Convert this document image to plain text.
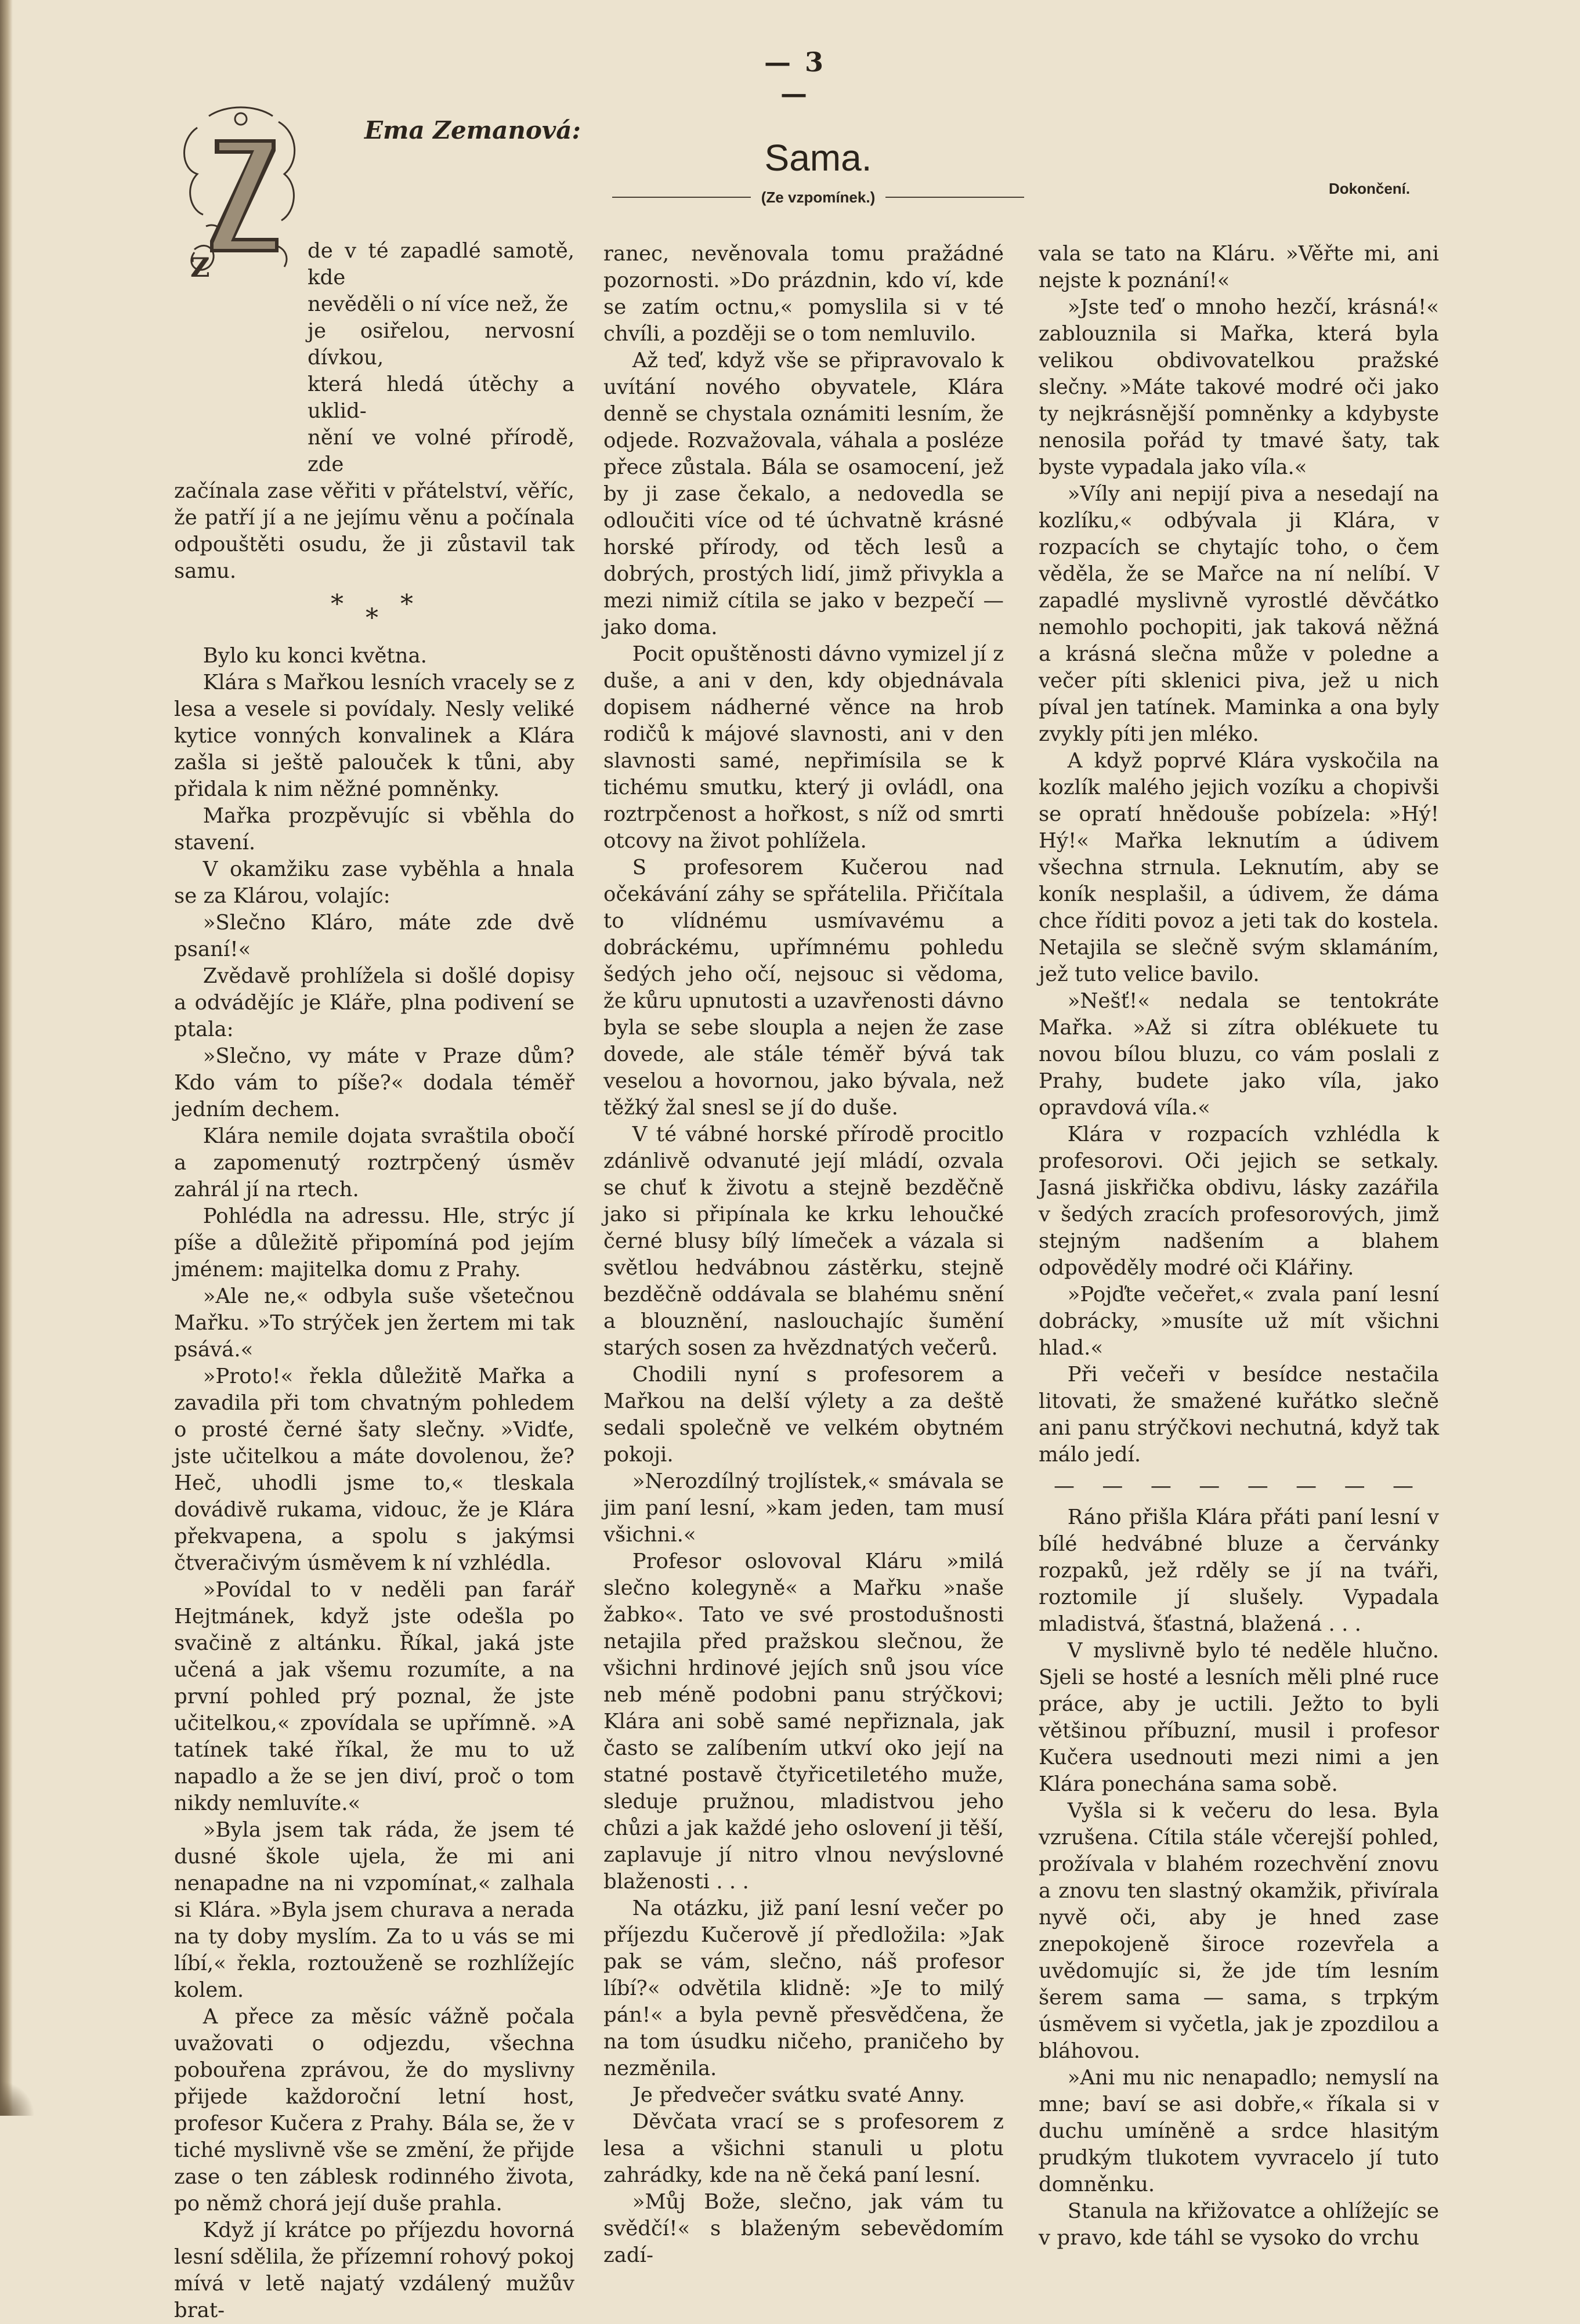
— 3 —
Ema Zemanová:
Sama.
(Ze vzpomínek.)	Dokončení.
Z

de v té zapadlé samotě, kde
nevěděli o ní více než, že
je osiřelou, nervosní dívkou,
která hledá útěchy a uklid-
nění ve volné přírodě, zde
začínala zase věřiti v přátelství, věříc, že patří jí a ne jejímu věnu a počínala odpouštěti osudu, že ji zůstavil tak samu.

* * *

Bylo ku konci května.

Klára s Mařkou lesních vracely se z lesa a vesele si povídaly. Nesly veliké kytice vonných konvalinek a Klára zašla si ještě palouček k tůni, aby přidala k nim něžné pomněnky.

Mařka prozpěvujíc si vběhla do stavení.

V okamžiku zase vyběhla a hnala se za Klárou, volajíc:

»Slečno Kláro, máte zde dvě psaní!«

Zvědavě prohlížela si došlé dopisy a odvádějíc je Kláře, plna podivení se ptala:

»Slečno, vy máte v Praze dům? Kdo vám to píše?« dodala téměř jedním dechem.

Klára nemile dojata svraštila obočí a zapomenutý roztrpčený úsměv zahrál jí na rtech.

Pohlédla na adressu. Hle, strýc jí píše a důležitě připomíná pod jejím jménem: majitelka domu z Prahy.

»Ale ne,« odbyla suše všetečnou Mařku. »To strýček jen žertem mi tak psává.«

»Proto!« řekla důležitě Mařka a zavadila při tom chvatným pohledem o prosté černé šaty slečny. »Vidťe, jste učitelkou a máte dovolenou, že? Heč, uhodli jsme to,« tleskala dovádivě rukama, vidouc, že je Klára překvapena, a spolu s jakýmsi čtveračivým úsměvem k ní vzhlédla.

»Povídal to v neděli pan farář Hejtmánek, když jste odešla po svačině z altánku. Říkal, jaká jste učená a jak všemu rozumíte, a na první pohled prý poznal, že jste učitelkou,« zpovídala se upřímně. »A tatínek také říkal, že mu to už napadlo a že se jen diví, proč o tom nikdy nemluvíte.«

»Byla jsem tak ráda, že jsem té dusné škole ujela, že mi ani nenapadne na ni vzpomínat,« zalhala si Klára. »Byla jsem churava a nerada na ty doby myslím. Za to u vás se mi líbí,« řekla, roztouženě se rozhlížejíc kolem.

A přece za měsíc vážně počala uvažovati o odjezdu, všechna pobouřena zprávou, že do myslivny přijede každoroční letní host, profesor Kučera z Prahy. Bála se, že v tiché myslivně vše se změní, že přijde zase o ten záblesk rodinného života, po němž chorá její duše prahla.

Když jí krátce po příjezdu hovorná lesní sdělila, že přízemní rohový pokoj mívá v letě najatý vzdálený mužův brat-

ranec, nevěnovala tomu pražádné pozornosti. »Do prázdnin, kdo ví, kde se zatím octnu,« pomyslila si v té chvíli, a později se o tom nemluvilo.

Až teď, když vše se připravovalo k uvítání nového obyvatele, Klára denně se chystala oznámiti lesním, že odjede. Rozvažovala, váhala a posléze přece zůstala. Bála se osamocení, jež by ji zase čekalo, a nedovedla se odloučiti více od té úchvatně krásné horské přírody, od těch lesů a dobrých, prostých lidí, jimž přivykla a mezi nimiž cítila se jako v bezpečí — jako doma.

Pocit opuštěnosti dávno vymizel jí z duše, a ani v den, kdy objednávala dopisem nádherné věnce na hrob rodičů k májové slavnosti, ani v den slavnosti samé, nepřimísila se k tichému smutku, který ji ovládl, ona roztrpčenost a hořkost, s níž od smrti otcovy na život pohlížela.

S profesorem Kučerou nad očekávání záhy se spřátelila. Přičítala to vlídnému usmívavému a dobráckému, upřímnému pohledu šedých jeho očí, nejsouc si vědoma, že kůru upnutosti a uzavřenosti dávno byla se sebe sloupla a nejen že zase dovede, ale stále téměř bývá tak veselou a hovornou, jako bývala, než těžký žal snesl se jí do duše.

V té vábné horské přírodě procitlo zdánlivě odvanuté její mládí, ozvala se chuť k životu a stejně bezděčně jako si připínala ke krku lehoučké černé blusy bílý límeček a vázala si světlou hedvábnou zástěrku, stejně bezděčně oddávala se blahému snění a blouznění, naslouchajíc šumění starých sosen za hvězdnatých večerů.

Chodili nyní s profesorem a Mařkou na delší výlety a za deště sedali společně ve velkém obytném pokoji.

»Nerozdílný trojlístek,« smávala se jim paní lesní, »kam jeden, tam musí všichni.«

Profesor oslovoval Kláru »milá slečno kolegyně« a Mařku »naše žabko«. Tato ve své prostodušnosti netajila před pražskou slečnou, že všichni hrdinové jejích snů jsou více neb méně podobni panu strýčkovi; Klára ani sobě samé nepřiznala, jak často se zalíbením utkví oko její na statné postavě čtyřicetiletého muže, sleduje pružnou, mladistvou jeho chůzi a jak každé jeho oslovení ji těší, zaplavuje jí nitro vlnou nevýslovné blaženosti . . .

Na otázku, již paní lesní večer po příjezdu Kučerově jí předložila: »Jak pak se vám, slečno, náš profesor líbí?« odvětila klidně: »Je to milý pán!« a byla pevně přesvědčena, že na tom úsudku ničeho, praničeho by nezměnila.

Je předvečer svátku svaté Anny.

Děvčata vrací se s profesorem z lesa a všichni stanuli u plotu zahrádky, kde na ně čeká paní lesní.

»Můj Bože, slečno, jak vám tu svědčí!« s blaženým sebevědomím zadí-

vala se tato na Kláru. »Věřte mi, ani nejste k poznání!«

»Jste teď o mnoho hezčí, krásná!« zablouznila si Mařka, která byla velikou obdivovatelkou pražské slečny. »Máte takové modré oči jako ty nejkrásnější pomněnky a kdybyste nenosila pořád ty tmavé šaty, tak byste vypadala jako víla.«

»Víly ani nepijí piva a nesedají na kozlíku,« odbývala ji Klára, v rozpacích se chytajíc toho, o čem věděla, že se Mařce na ní nelíbí. V zapadlé myslivně vyrostlé děvčátko nemohlo pochopiti, jak taková něžná a krásná slečna může v poledne a večer píti sklenici piva, jež u nich píval jen tatínek. Maminka a ona byly zvykly píti jen mléko.

A když poprvé Klára vyskočila na kozlík malého jejich vozíku a chopivši se opratí hnědouše pobízela: »Hý! Hý!« Mařka leknutím a údivem všechna strnula. Leknutím, aby se koník nesplašil, a údivem, že dáma chce říditi povoz a jeti tak do kostela. Netajila se slečně svým sklamáním, jež tuto velice bavilo.

»Nešť!« nedala se tentokráte Mařka. »Až si zítra oblékuete tu novou bílou bluzu, co vám poslali z Prahy, budete jako víla, jako opravdová víla.«

Klára v rozpacích vzhlédla k profesorovi. Oči jejich se setkaly. Jasná jiskřička obdivu, lásky zazářila v šedých zracích profesorových, jimž stejným nadšením a blahem odpověděly modré oči Klářiny.

»Pojďte večeřet,« zvala paní lesní dobrácky, »musíte už mít všichni hlad.«

Při večeři v besídce nestačila litovati, že smažené kuřátko slečně ani panu strýčkovi nechutná, když tak málo jedí.

— — — — — — — —

Ráno přišla Klára přáti paní lesní v bílé hedvábné bluze a červánky rozpaků, jež rděly se jí na tváři, roztomile jí slušely. Vypadala mladistvá, šťastná, blažená . . .

V myslivně bylo té neděle hlučno. Sjeli se hosté a lesních měli plné ruce práce, aby je uctili. Ježto to byli většinou příbuzní, musil i profesor Kučera usednouti mezi nimi a jen Klára ponechána sama sobě.

Vyšla si k večeru do lesa. Byla vzrušena. Cítila stále včerejší pohled, prožívala v blahém rozechvění znovu a znovu ten slastný okamžik, přivírala nyvě oči, aby je hned zase znepokojeně široce rozevřela a uvědomujíc si, že jde tím lesním šerem sama — sama, s trpkým úsměvem si vyčetla, jak je zpozdilou a bláhovou.

»Ani mu nic nenapadlo; nemyslí na mne; baví se asi dobře,« říkala si v duchu umíněně a srdce hlasitým prudkým tlukotem vyvracelo jí tuto domněnku.

Stanula na křižovatce a ohlížejíc se v pravo, kde táhl se vysoko do vrchu
